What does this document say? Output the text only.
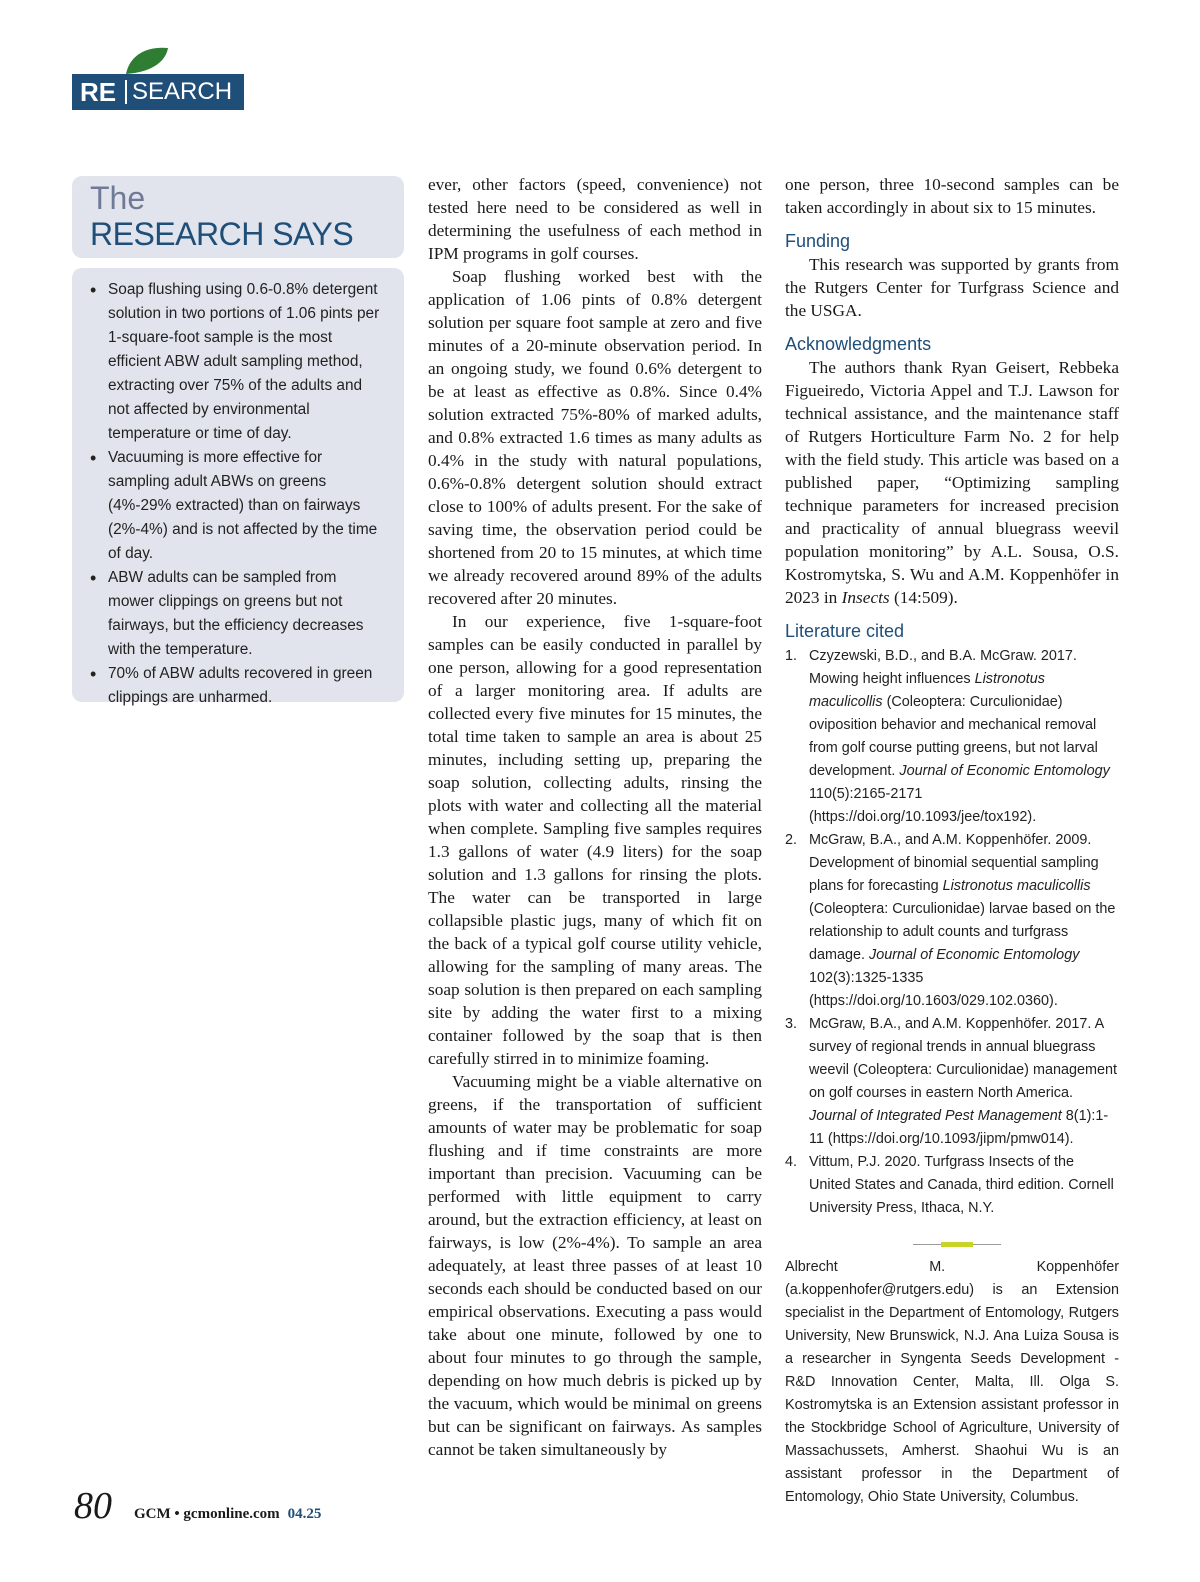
RE SEARCH
The
RESEARCH SAYS
• Soap flushing using 0.6-0.8% detergent solution in two portions of 1.06 pints per 1-square-foot sample is the most efficient ABW adult sampling method, extracting over 75% of the adults and not affected by environmental temperature or time of day.
• Vacuuming is more effective for sampling adult ABWs on greens (4%-29% extracted) than on fairways (2%-4%) and is not affected by the time of day.
• ABW adults can be sampled from mower clippings on greens but not fairways, but the efficiency decreases with the temperature.
• 70% of ABW adults recovered in green clippings are unharmed.

ever, other factors (speed, convenience) not tested here need to be considered as well in determining the usefulness of each method in IPM programs in golf courses.

Soap flushing worked best with the application of 1.06 pints of 0.8% detergent solution per square foot sample at zero and five minutes of a 20-minute observation period. In an ongoing study, we found 0.6% detergent to be at least as effective as 0.8%. Since 0.4% solution extracted 75%-80% of marked adults, and 0.8% extracted 1.6 times as many adults as 0.4% in the study with natural populations, 0.6%-0.8% detergent solution should extract close to 100% of adults present. For the sake of saving time, the observation period could be shortened from 20 to 15 minutes, at which time we already recovered around 89% of the adults recovered after 20 minutes.

In our experience, five 1-square-foot samples can be easily conducted in parallel by one person, allowing for a good representation of a larger monitoring area. If adults are collected every five minutes for 15 minutes, the total time taken to sample an area is about 25 minutes, including setting up, preparing the soap solution, collecting adults, rinsing the plots with water and collecting all the material when complete. Sampling five samples requires 1.3 gallons of water (4.9 liters) for the soap solution and 1.3 gallons for rinsing the plots. The water can be transported in large collapsible plastic jugs, many of which fit on the back of a typical golf course utility vehicle, allowing for the sampling of many areas. The soap solution is then prepared on each sampling site by adding the water first to a mixing container followed by the soap that is then carefully stirred in to minimize foaming.

Vacuuming might be a viable alternative on greens, if the transportation of sufficient amounts of water may be problematic for soap flushing and if time constraints are more important than precision. Vacuuming can be performed with little equipment to carry around, but the extraction efficiency, at least on fairways, is low (2%-4%). To sample an area adequately, at least three passes of at least 10 seconds each should be conducted based on our empirical observations. Executing a pass would take about one minute, followed by one to about four minutes to go through the sample, depending on how much debris is picked up by the vacuum, which would be minimal on greens but can be significant on fairways. As samples cannot be taken simultaneously by

one person, three 10-second samples can be taken accordingly in about six to 15 minutes.

Funding

This research was supported by grants from the Rutgers Center for Turfgrass Science and the USGA.

Acknowledgments

The authors thank Ryan Geisert, Rebbeka Figueiredo, Victoria Appel and T.J. Lawson for technical assistance, and the maintenance staff of Rutgers Horticulture Farm No. 2 for help with the field study. This article was based on a published paper, “Optimizing sampling technique parameters for increased precision and practicality of annual bluegrass weevil population monitoring” by A.L. Sousa, O.S. Kostromytska, S. Wu and A.M. Koppenhöfer in 2023 in Insects (14:509).

Literature cited
1. Czyzewski, B.D., and B.A. McGraw. 2017. Mowing height influences Listronotus maculicollis (Coleoptera: Curculionidae) oviposition behavior and mechanical removal from golf course putting greens, but not larval development. Journal of Economic Entomology 110(5):2165-2171 (https://doi.org/10.1093/jee/tox192).
2. McGraw, B.A., and A.M. Koppenhöfer. 2009. Development of binomial sequential sampling plans for forecasting Listronotus maculicollis (Coleoptera: Curculionidae) larvae based on the relationship to adult counts and turfgrass damage. Journal of Economic Entomology 102(3):1325-1335 (https://doi.org/10.1603/029.102.0360).
3. McGraw, B.A., and A.M. Koppenhöfer. 2017. A survey of regional trends in annual bluegrass weevil (Coleoptera: Curculionidae) management on golf courses in eastern North America. Journal of Integrated Pest Management 8(1):1-11 (https://doi.org/10.1093/jipm/pmw014).
4. Vittum, P.J. 2020. Turfgrass Insects of the United States and Canada, third edition. Cornell University Press, Ithaca, N.Y.

Albrecht M. Koppenhöfer (a.koppenhofer@rutgers.edu) is an Extension specialist in the Department of Entomology, Rutgers University, New Brunswick, N.J. Ana Luiza Sousa is a researcher in Syngenta Seeds Development - R&D Innovation Center, Malta, Ill. Olga S. Kostromytska is an Extension assistant professor in the Stockbridge School of Agriculture, University of Massachussets, Amherst. Shaohui Wu is an assistant professor in the Department of Entomology, Ohio State University, Columbus.

80 GCM • gcmonline.com 04.25
